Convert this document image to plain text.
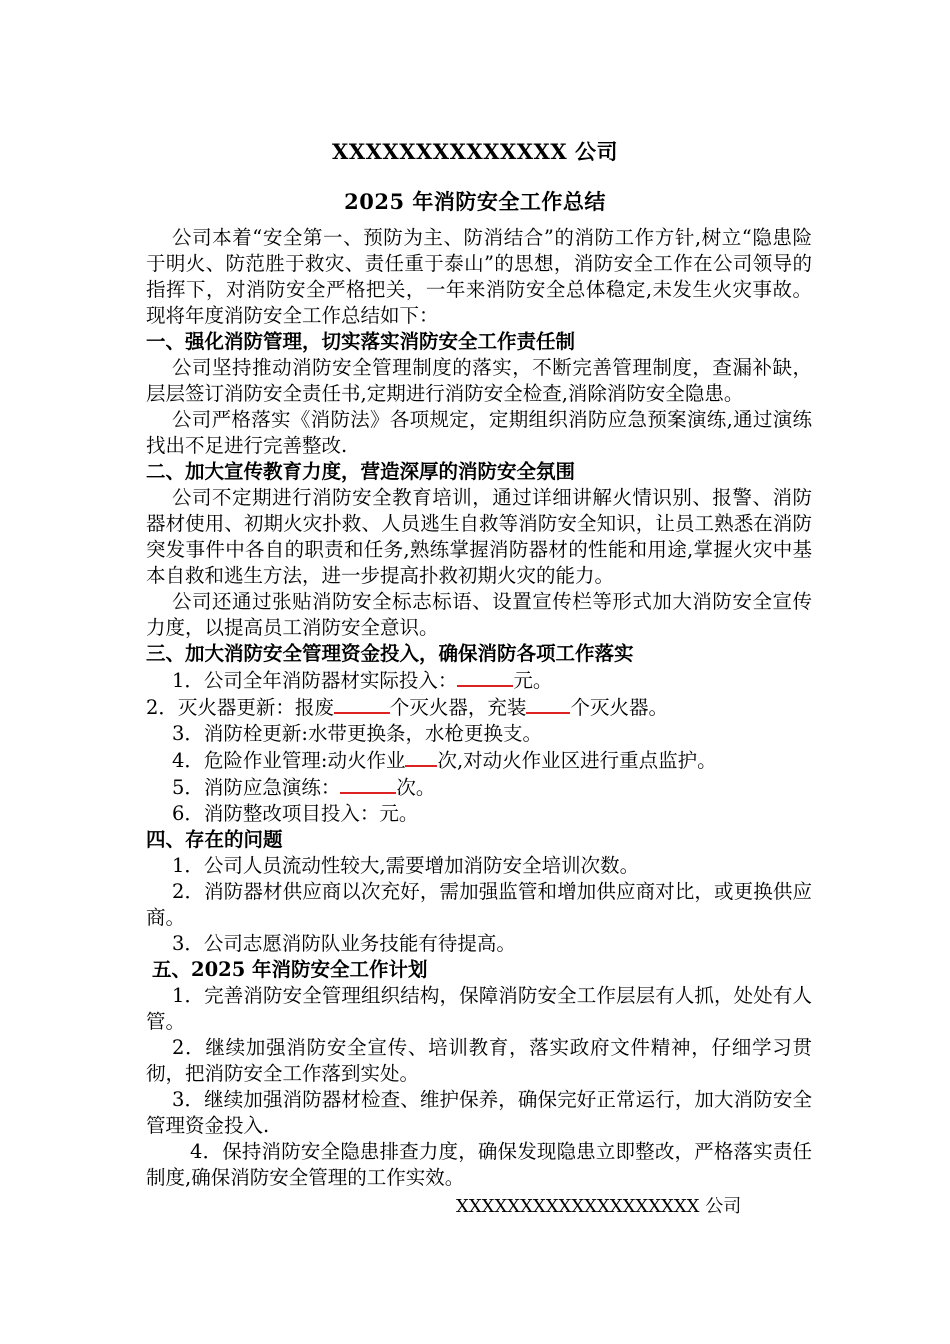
XXXXXXXXXXXXXX 公司
2025 年消防安全工作总结

公司本着“安全第一、预防为主、防消结合”的消防工作方针,树立“隐患险于明火、防范胜于救灾、责任重于泰山”的思想，消防安全工作在公司领导的指挥下，对消防安全严格把关，一年来消防安全总体稳定,未发生火灾事故。现将年度消防安全工作总结如下：

一、强化消防管理，切实落实消防安全工作责任制

公司坚持推动消防安全管理制度的落实，不断完善管理制度，查漏补缺，层层签订消防安全责任书,定期进行消防安全检查,消除消防安全隐患。

公司严格落实《消防法》各项规定，定期组织消防应急预案演练,通过演练找出不足进行完善整改.

二、加大宣传教育力度，营造深厚的消防安全氛围

公司不定期进行消防安全教育培训，通过详细讲解火情识别、报警、消防器材使用、初期火灾扑救、人员逃生自救等消防安全知识，让员工熟悉在消防突发事件中各自的职责和任务,熟练掌握消防器材的性能和用途,掌握火灾中基本自救和逃生方法，进一步提高扑救初期火灾的能力。

公司还通过张贴消防安全标志标语、设置宣传栏等形式加大消防安全宣传力度，以提高员工消防安全意识。

三、加大消防安全管理资金投入，确保消防各项工作落实

1．公司全年消防器材实际投入：	元。

2．灭火器更新：报废	个灭火器，充装 个灭火器。

3．消防栓更新:水带更换条，水枪更换支。

4．危险作业管理:动火作业 次,对动火作业区进行重点监护。

5．消防应急演练：	次。

6．消防整改项目投入：元。

四、存在的问题

1．公司人员流动性较大,需要增加消防安全培训次数。

2．消防器材供应商以次充好，需加强监管和增加供应商对比，或更换供应商。

3．公司志愿消防队业务技能有待提高。

五、2025 年消防安全工作计划

1．完善消防安全管理组织结构，保障消防安全工作层层有人抓，处处有人管。

2．继续加强消防安全宣传、培训教育，落实政府文件精神，仔细学习贯彻，把消防安全工作落到实处。

3．继续加强消防器材检查、维护保养，确保完好正常运行，加大消防安全管理资金投入.

4．保持消防安全隐患排查力度，确保发现隐患立即整改，严格落实责任制度,确保消防安全管理的工作实效。

XXXXXXXXXXXXXXXXXXX 公司
